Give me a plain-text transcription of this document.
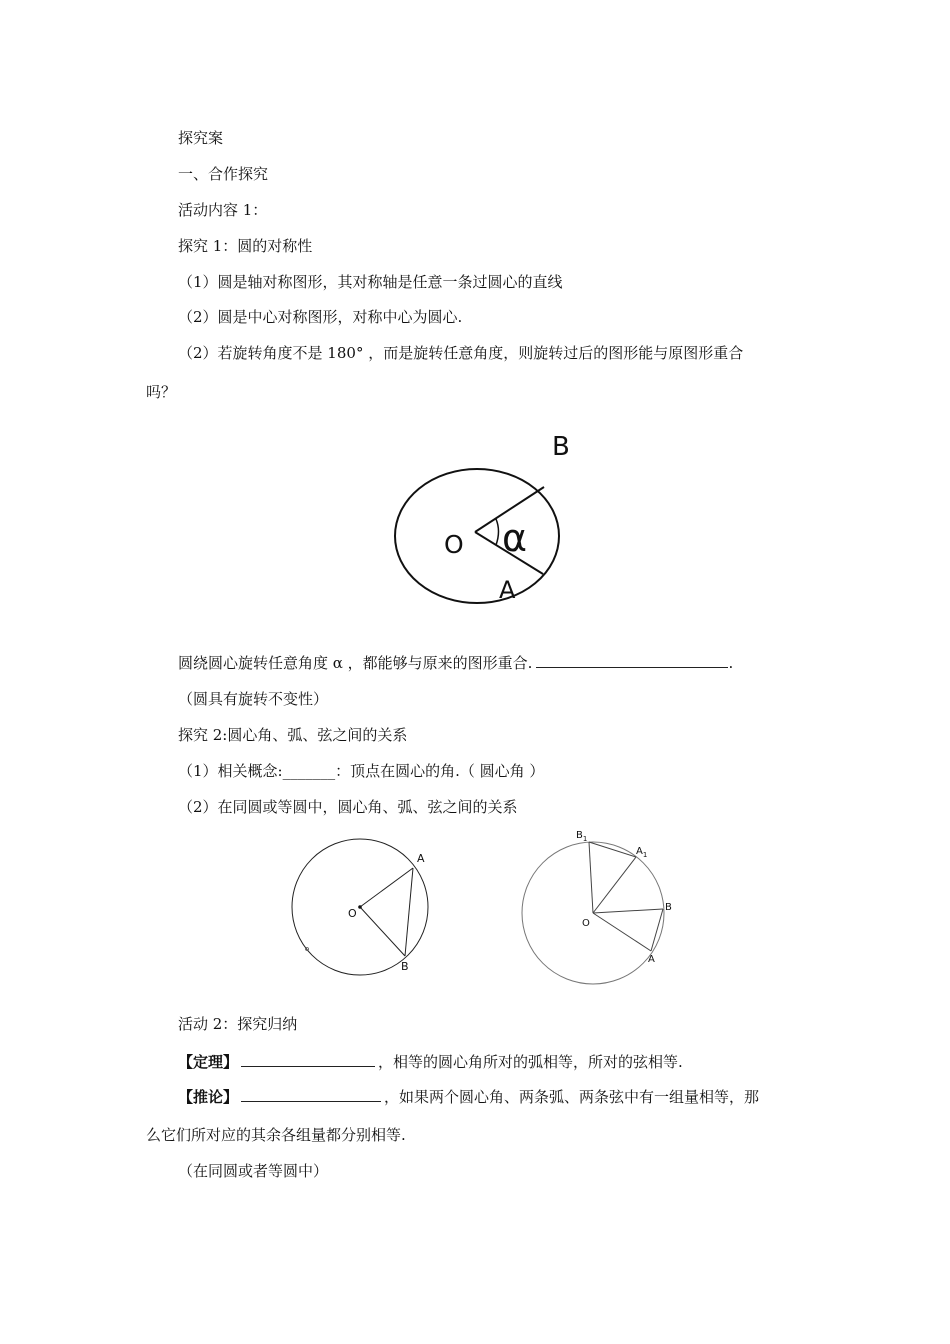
探究案
一、合作探究
活动内容 1：
探究 1：圆的对称性
（1）圆是轴对称图形，其对称轴是任意一条过圆心的直线
（2）圆是中心对称图形，对称中心为圆心.
（2）若旋转角度不是 180° ，而是旋转任意角度，则旋转过后的图形能与原图形重合
吗？
B
O α
A
圆绕圆心旋转任意角度 α ，都能够与原来的图形重合.	.
（圆具有旋转不变性）
探究 2:圆心角、弧、弦之间的关系
（1）相关概念:_______：顶点在圆心的角.（ 圆心角 ）
（2）在同圆或等圆中，圆心角、弧、弦之间的关系
A
O
B
$B_1$
$A_1$
B
O
A
活动 2：探究归纳
【定理】	，相等的圆心角所对的弧相等，所对的弦相等.
【推论】	，如果两个圆心角、两条弧、两条弦中有一组量相等，那
么它们所对应的其余各组量都分别相等.
（在同圆或者等圆中）
